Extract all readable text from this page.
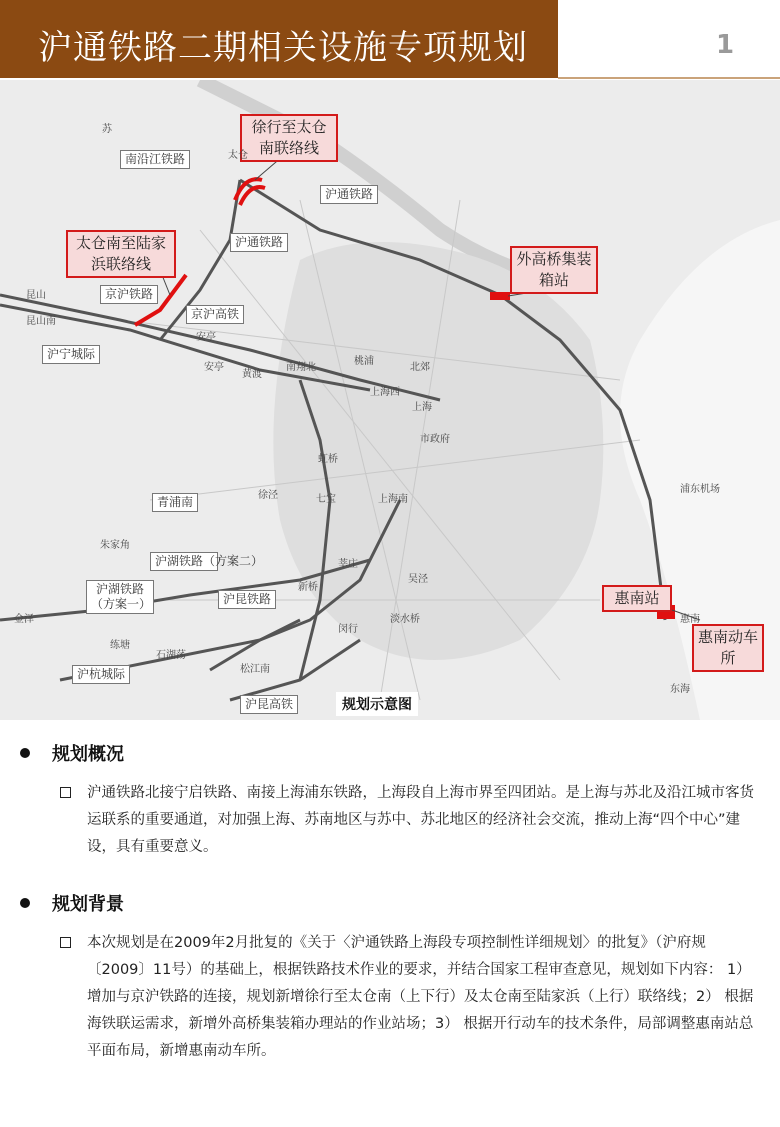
沪通铁路二期相关设施专项规划	1
南沿江铁路
沪通铁路
沪通铁路
京沪铁路
京沪高铁
沪宁城际
青浦南
沪湖铁路（方案二）
沪湖铁路（方案一）	沪昆铁路
沪杭城际
沪昆高铁
徐行至太仓南联络线
太仓南至陆家浜联络线	外高桥集装箱站
惠南站
惠南动车所
苏
太仓
昆山
昆山南
安亭
安亭
黄渡
南翔北
桃浦
北郊
上海西
上海
市政府
虹桥
徐泾	七宝	上海南
朱家角
莘庄
新桥
吴泾
金泽
闵行
淡水桥
练塘
石湖荡
松江南
浦东机场
惠南
东海
规划示意图
规划概况
沪通铁路北接宁启铁路、南接上海浦东铁路，上海段自上海市界至四团站。是上海与苏北及沿江城市客货运联系的重要通道，对加强上海、苏南地区与苏中、苏北地区的经济社会交流，推动上海“四个中心”建设，具有重要意义。
规划背景
本次规划是在2009年2月批复的《关于〈沪通铁路上海段专项控制性详细规划〉的批复》（沪府规〔2009〕11号）的基础上，根据铁路技术作业的要求，并结合国家工程审查意见，规划如下内容： 1） 增加与京沪铁路的连接，规划新增徐行至太仓南（上下行）及太仓南至陆家浜（上行）联络线；2） 根据海铁联运需求，新增外高桥集装箱办理站的作业站场；3） 根据开行动车的技术条件，局部调整惠南站总平面布局，新增惠南动车所。
